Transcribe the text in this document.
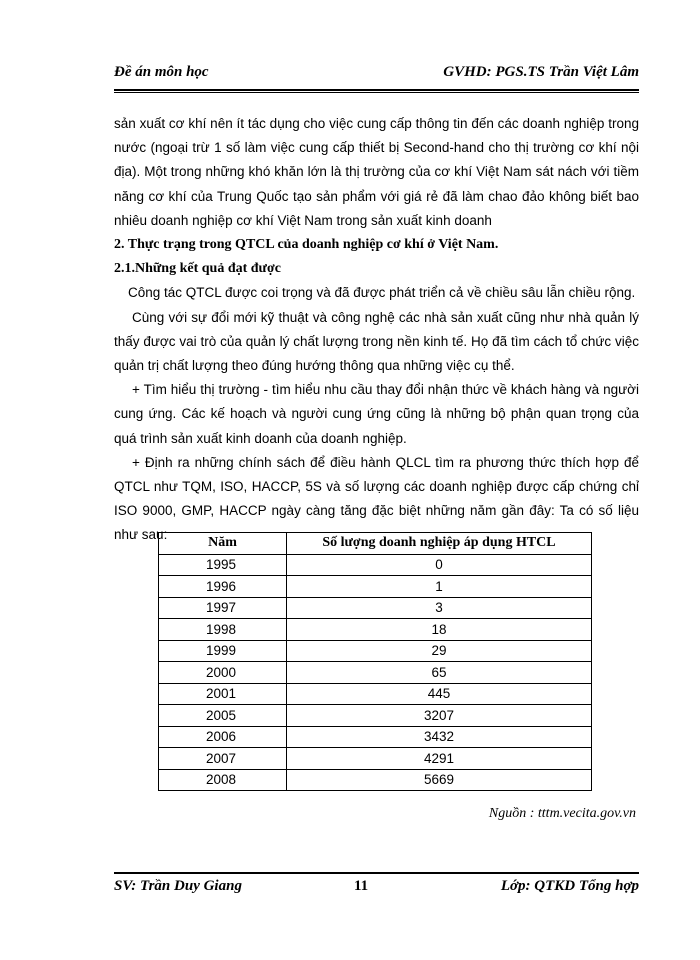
Đề án môn học	GVHD: PGS.TS Trần Việt Lâm

sản xuất cơ khí nên ít tác dụng cho việc cung cấp thông tin đến các doanh nghiệp trong nước (ngoại trừ 1 số làm việc cung cấp thiết bị Second-hand cho thị trường cơ khí nội địa). Một trong những khó khăn lớn là thị trường của cơ khí Việt Nam sát nách với tiềm năng cơ khí của Trung Quốc tạo sản phẩm với giá rẻ đã làm chao đảo không biết bao nhiêu doanh nghiệp cơ khí Việt Nam trong sản xuất kinh doanh

2. Thực trạng trong QTCL của doanh nghiệp cơ khí ở Việt Nam.
2.1.Những kết quả đạt được

Công tác QTCL được coi trọng và đã được phát triển cả về chiều sâu lẫn chiều rộng.

Cùng với sự đổi mới kỹ thuật và công nghệ các nhà sản xuất cũng như nhà quản lý thấy được vai trò của quản lý chất lượng trong nền kinh tế. Họ đã tìm cách tổ chức việc quản trị chất lượng theo đúng hướng thông qua những việc cụ thể.

+ Tìm hiểu thị trường - tìm hiểu nhu cầu thay đổi nhận thức về khách hàng và người cung ứng. Các kế hoạch và người cung ứng cũng là những bộ phận quan trọng của quá trình sản xuất kinh doanh của doanh nghiệp.

+ Định ra những chính sách để điều hành QLCL tìm ra phương thức thích hợp để QTCL như TQM, ISO, HACCP, 5S và số lượng các doanh nghiệp được cấp chứng chỉ ISO 9000, GMP, HACCP ngày càng tăng đặc biệt những năm gần đây: Ta có số liệu như sau:

Năm	Số lượng doanh nghiệp áp dụng HTCL
1995	0
1996	1
1997	3
1998	18
1999	29
2000	65
2001	445
2005	3207
2006	3432
2007	4291
2008	5669
Nguồn : tttm.vecita.gov.vn
SV: Trần Duy Giang	11	Lớp: QTKD Tổng hợp
